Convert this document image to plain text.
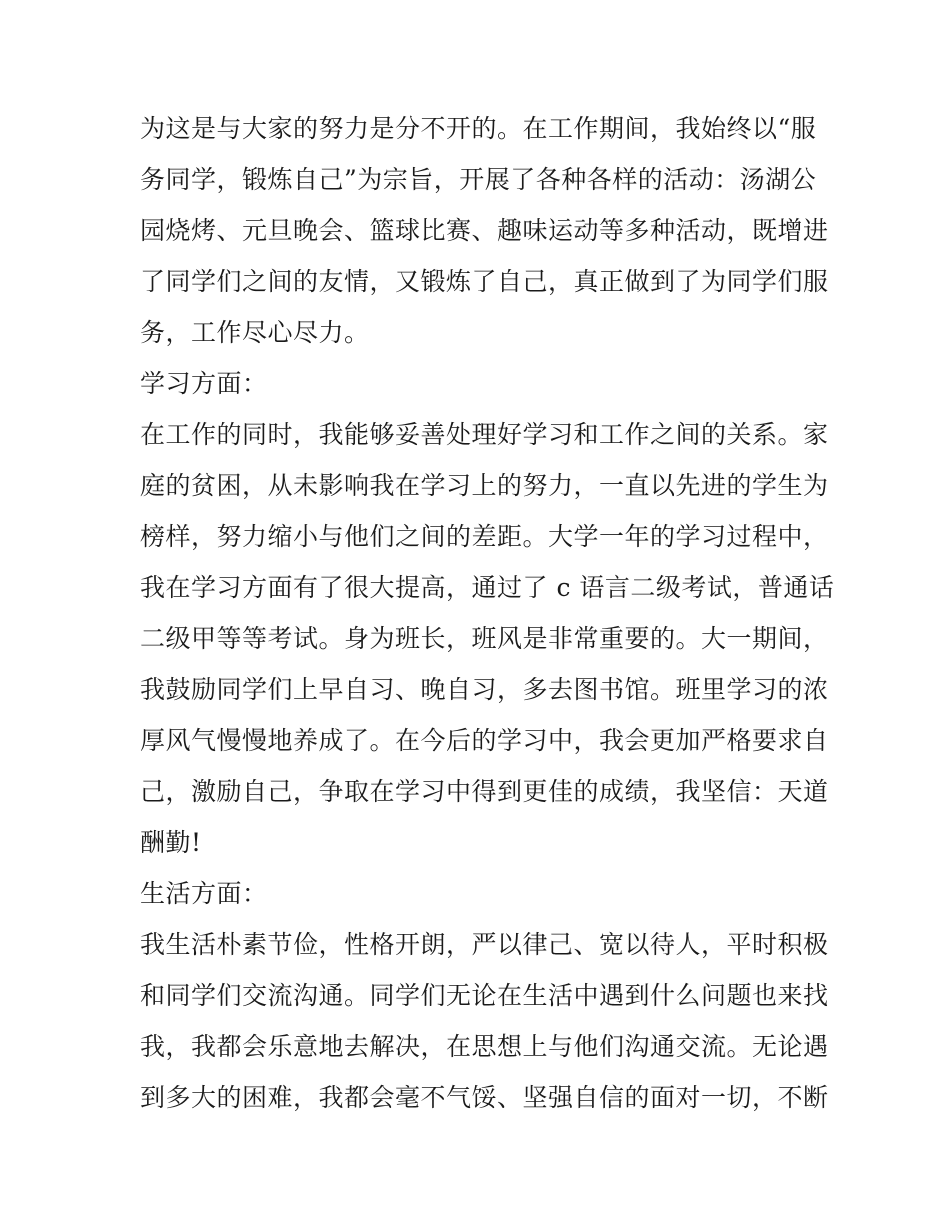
为这是与大家的努力是分不开的。在工作期间，我始终以“服
务同学，锻炼自己”为宗旨，开展了各种各样的活动：汤湖公
园烧烤、元旦晚会、篮球比赛、趣味运动等多种活动，既增进
了同学们之间的友情，又锻炼了自己，真正做到了为同学们服
务，工作尽心尽力。
学习方面：
在工作的同时，我能够妥善处理好学习和工作之间的关系。家
庭的贫困，从未影响我在学习上的努力，一直以先进的学生为
榜样，努力缩小与他们之间的差距。大学一年的学习过程中，
我在学习方面有了很大提高，通过了 c 语言二级考试，普通话
二级甲等等考试。身为班长，班风是非常重要的。大一期间，
我鼓励同学们上早自习、晚自习，多去图书馆。班里学习的浓
厚风气慢慢地养成了。在今后的学习中，我会更加严格要求自
己，激励自己，争取在学习中得到更佳的成绩，我坚信：天道
酬勤!
生活方面：
我生活朴素节俭，性格开朗，严以律己、宽以待人，平时积极
和同学们交流沟通。同学们无论在生活中遇到什么问题也来找
我，我都会乐意地去解决，在思想上与他们沟通交流。无论遇
到多大的困难，我都会毫不气馁、坚强自信的面对一切，不断
